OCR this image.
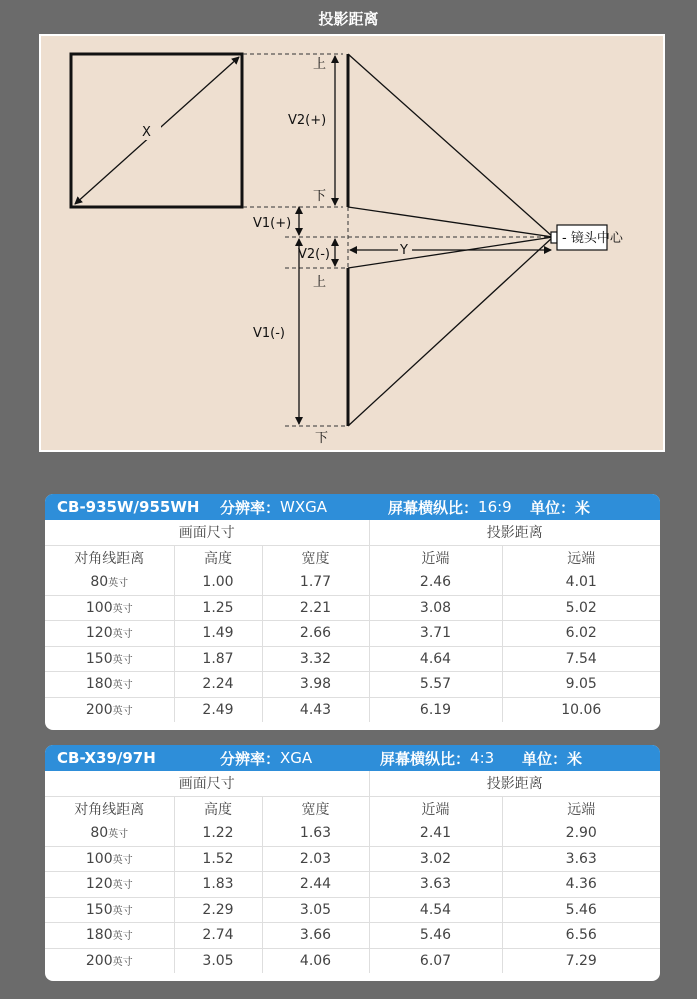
投影距离
X
上
V2(+)
下
V1(+)
V2(-)	Y
上
V1(-)
下
- 镜头中心
CB-935W/955WH	分辨率： WXGA	屏幕横纵比： 16:9	单位：米
画面尺寸			投影距离	
对角线距离	高度	宽度	近端	远端
80英寸	1.00	1.77	2.46	4.01
100英寸	1.25	2.21	3.08	5.02
120英寸	1.49	2.66	3.71	6.02
150英寸	1.87	3.32	4.64	7.54
180英寸	2.24	3.98	5.57	9.05
200英寸	2.49	4.43	6.19	10.06
CB-X39/97H	分辨率： XGA	屏幕横纵比： 4:3	单位：米
画面尺寸			投影距离	
对角线距离	高度	宽度	近端	远端
80英寸	1.22	1.63	2.41	2.90
100英寸	1.52	2.03	3.02	3.63
120英寸	1.83	2.44	3.63	4.36
150英寸	2.29	3.05	4.54	5.46
180英寸	2.74	3.66	5.46	6.56
200英寸	3.05	4.06	6.07	7.29
